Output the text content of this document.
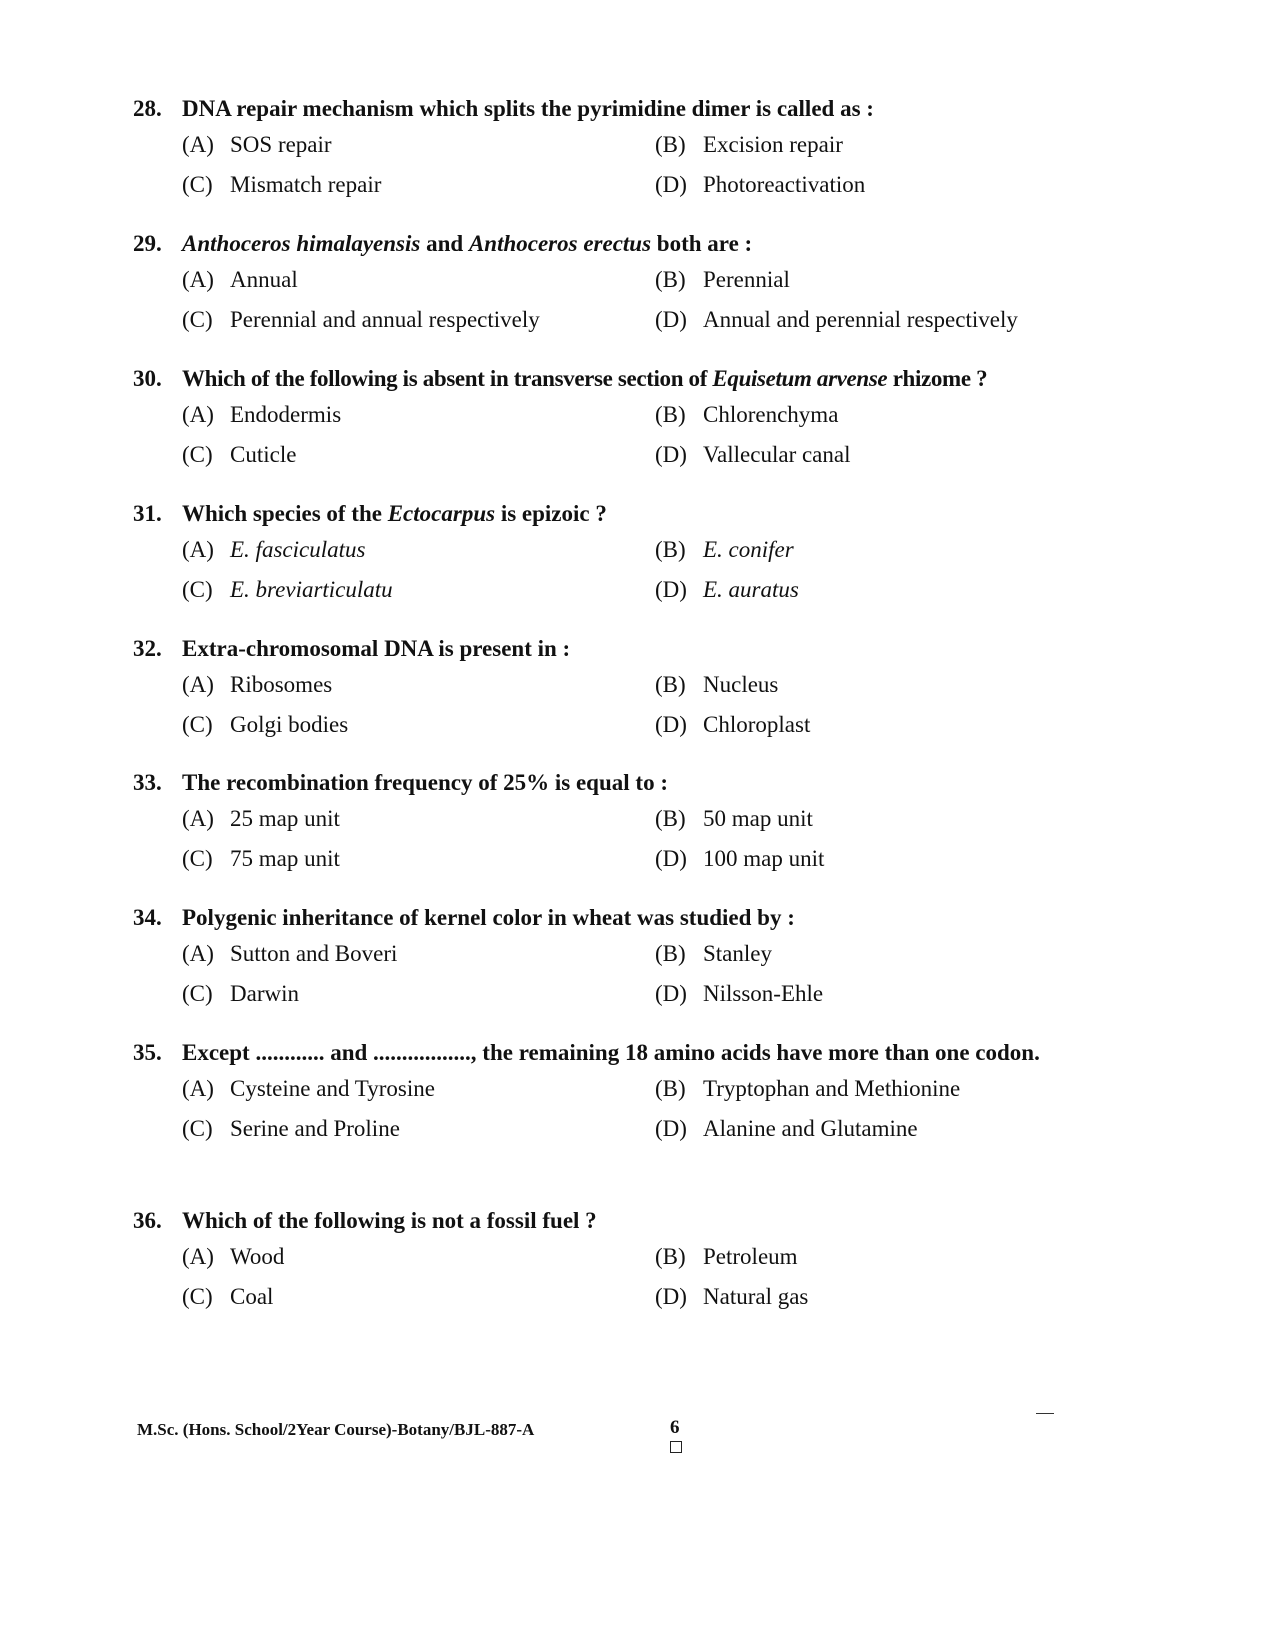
28. DNA repair mechanism which splits the pyrimidine dimer is called as :
(A) SOS repair	(B) Excision repair
(C) Mismatch repair	(D) Photoreactivation
29. Anthoceros himalayensis and Anthoceros erectus both are :
(A) Annual	(B) Perennial
(C) Perennial and annual respectively	(D) Annual and perennial respectively
30. Which of the following is absent in transverse section of Equisetum arvense rhizome ?
(A) Endodermis	(B) Chlorenchyma
(C) Cuticle	(D) Vallecular canal
31. Which species of the Ectocarpus is epizoic ?
(A) E. fasciculatus	(B) E. conifer
(C) E. breviarticulatu	(D) E. auratus
32. Extra-chromosomal DNA is present in :
(A) Ribosomes	(B) Nucleus
(C) Golgi bodies	(D) Chloroplast
33. The recombination frequency of 25% is equal to :
(A) 25 map unit	(B) 50 map unit
(C) 75 map unit	(D) 100 map unit
34. Polygenic inheritance of kernel color in wheat was studied by :
(A) Sutton and Boveri	(B) Stanley
(C) Darwin	(D) Nilsson-Ehle
35. Except ............ and ................., the remaining 18 amino acids have more than one codon.
(A) Cysteine and Tyrosine	(B) Tryptophan and Methionine
(C) Serine and Proline	(D) Alanine and Glutamine
36. Which of the following is not a fossil fuel ?
(A) Wood	(B) Petroleum
(C) Coal	(D) Natural gas
M.Sc. (Hons. School/2Year Course)-Botany/BJL-887-A	6
